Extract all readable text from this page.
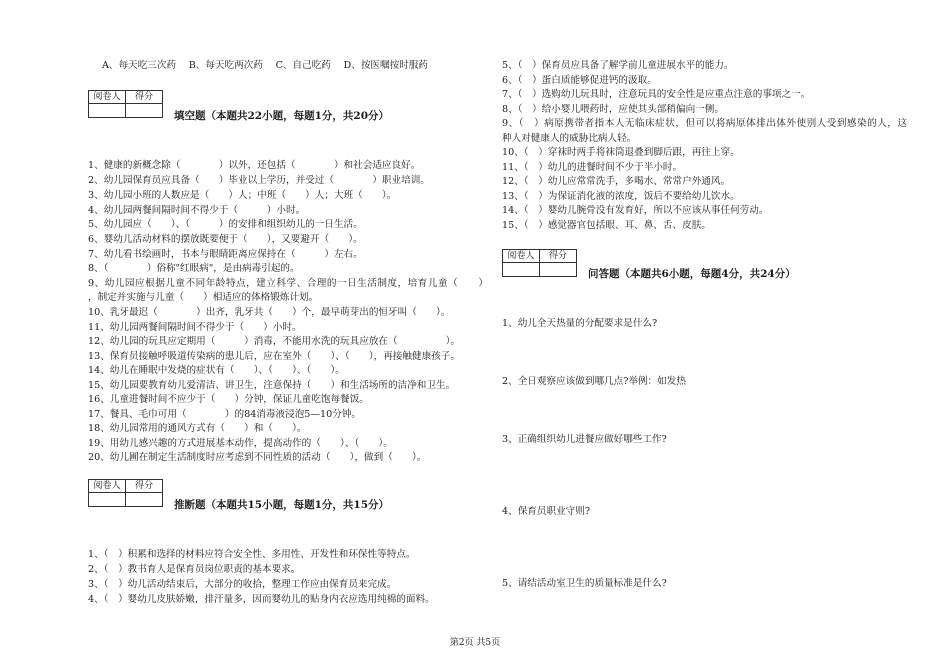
A、每天吃三次药　 B、每天吃两次药　 C、自己吃药　 D、按医嘱按时服药
阅卷人	得分

填空题（本题共22小题，每题1分，共20分）
1、健康的新概念除（　　　　）以外，还包括（　　　　）和社会适应良好。
2、幼儿园保育员应具备（　　）毕业以上学历，并受过（　　　　）职业培训。
3、幼儿园小班的人数应是（　　）人；中班（　　）人；大班（　　）。
4、幼儿园两餐间隔时间不得少于（　　　）小时。
5、幼儿园应（　　）、（　　　）的安排和组织幼儿的一日生活。
6、婴幼儿活动材料的摆放既要便于（　　），又要避开（　　）。
7、幼儿看书绘画时，书本与眼睛距离应保持在（　　　）左右。
8、（　　　　）俗称"红眼病"，是由病毒引起的。
9、幼儿园应根据儿童不同年龄特点，建立科学、合理的一日生活制度，培育儿童（　　）
，制定并实施与儿童（　　）相适应的体格锻炼计划。
10、乳牙最迟（　　　　）出齐，乳牙共（　　）个，最早萌芽出的恒牙叫（　　）。
11、幼儿园两餐间隔时间不得少于（　　）小时。
12、幼儿园的玩具应定期用（　　　）消毒，不能用水洗的玩具应放在（　　　　　）。
13、保育员接触呼吸道传染病的患儿后，应在室外（　　）、（　　），再接触健康孩子。
14、幼儿在睡眠中发烧的症状有（　　）、（　　）、（　　）。
15、幼儿园要教育幼儿爱清洁、讲卫生，注意保持（　　）和生活场所的洁净和卫生。
16、儿童进餐时间不应少于（　　）分钟，保证儿童吃饱每餐饭。
17、餐具、毛巾可用（　　　　）的84消毒液浸泡5—10分钟。
18、幼儿园常用的通风方式有（　　）和（　　）。
19、用幼儿感兴趣的方式进展基本动作，提高动作的（　　）、（　　）。
20、幼儿圃在制定生活制度时应考虑到不同性质的活动（　　），做到（　　）。
阅卷人	得分

推断题（本题共15小题，每题1分，共15分）
1、（　）积累和选择的材料应符合安全性、多用性、开发性和环保性等特点。
2、（　）教书育人是保育员岗位职责的基本要求。
3、（　）幼儿活动结束后，大部分的收拾，整理工作应由保育员来完成。
4、（　）婴幼儿皮肤娇嫩，排汗量多，因而婴幼儿的贴身内衣应选用纯棉的面料。
5、（　）保育员应具备了解学前儿童进展水平的能力。
6、（　）蛋白质能够促进钙的汲取。
7、（　）选购幼儿玩具时，注意玩具的安全性是应重点注意的事项之一。
8、（　）给小婴儿喂药时，应使其头部稍偏向一侧。
9、（　）病原携带者指本人无临床症状，但可以将病原体排出体外使别人受到感染的人，这
种人对健康人的威胁比病人轻。
10、（　）穿袜时两手将袜筒退叠到脚后跟，再往上穿。
11、（　）幼儿的进餐时间不少于半小时。
12、（　）幼儿应常常洗手，多喝水、常常户外通风。
13、（　）为保证消化液的浓度，饭后不要给幼儿饮水。
14、（　）婴幼儿腕骨没有发育好，所以不应该从事任何劳动。
15、（　）感觉器官包括眼、耳、鼻、舌、皮肤。
阅卷人	得分

问答题（本题共6小题，每题4分，共24分）
1、幼儿全天热量的分配要求是什么?
2、全日观察应该做到哪几点?举例：如发热
3、正确组织幼儿进餐应做好哪些工作?
4、保育员职业守则?
5、请结活动室卫生的质量标准是什么?
第2页 共5页
